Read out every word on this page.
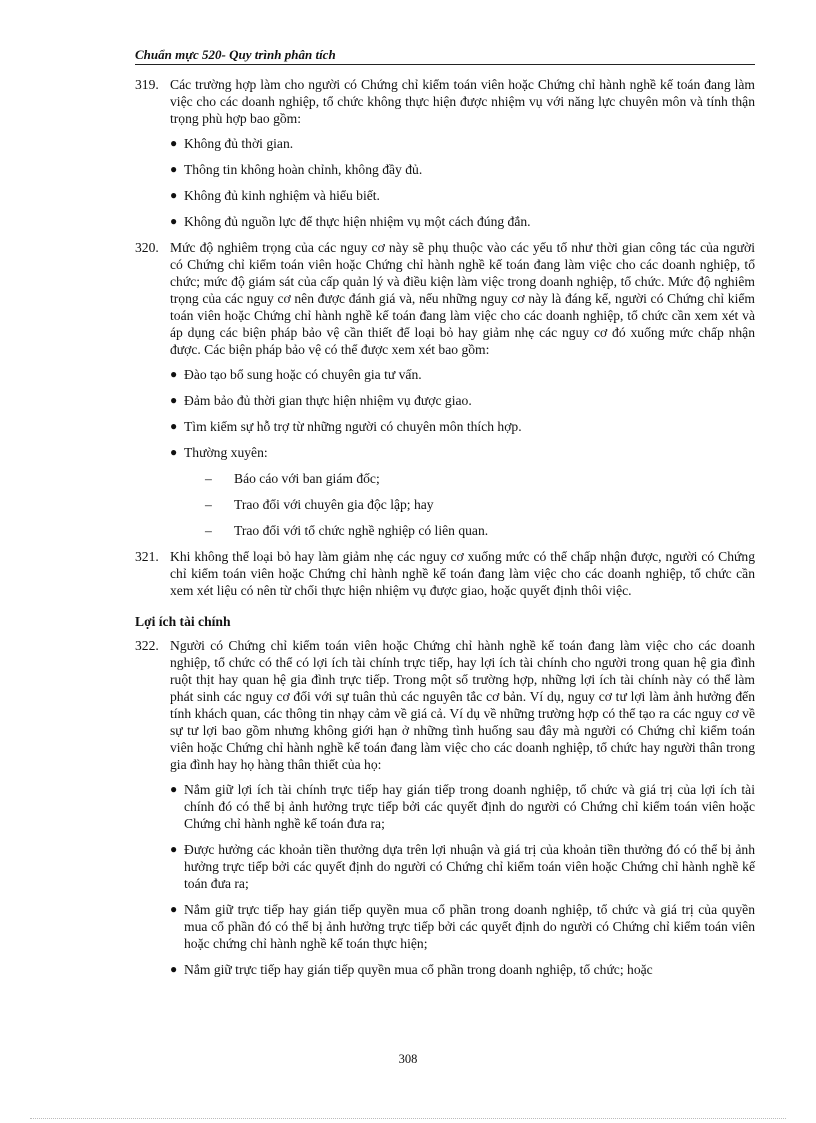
Chuẩn mực 520- Quy trình phân tích
319. Các trường hợp làm cho người có Chứng chỉ kiểm toán viên hoặc Chứng chỉ hành nghề kế toán đang làm việc cho các doanh nghiệp, tổ chức không thực hiện được nhiệm vụ với năng lực chuyên môn và tính thận trọng phù hợp bao gồm:
● Không đủ thời gian.
● Thông tin không hoàn chỉnh, không đầy đủ.
● Không đủ kinh nghiệm và hiểu biết.
● Không đủ nguồn lực để thực hiện nhiệm vụ một cách đúng đắn.
320. Mức độ nghiêm trọng của các nguy cơ này sẽ phụ thuộc vào các yếu tố như thời gian công tác của người có Chứng chỉ kiểm toán viên hoặc Chứng chỉ hành nghề kế toán đang làm việc cho các doanh nghiệp, tổ chức; mức độ giám sát của cấp quản lý và điều kiện làm việc trong doanh nghiệp, tổ chức. Mức độ nghiêm trọng của các nguy cơ nên được đánh giá và, nếu những nguy cơ này là đáng kể, người có Chứng chỉ kiểm toán viên hoặc Chứng chỉ hành nghề kế toán đang làm việc cho các doanh nghiệp, tổ chức cần xem xét và áp dụng các biện pháp bảo vệ cần thiết để loại bỏ hay giảm nhẹ các nguy cơ đó xuống mức chấp nhận được. Các biện pháp bảo vệ có thể được xem xét bao gồm:
● Đào tạo bổ sung hoặc có chuyên gia tư vấn.
● Đảm bảo đủ thời gian thực hiện nhiệm vụ được giao.
● Tìm kiếm sự hỗ trợ từ những người có chuyên môn thích hợp.
● Thường xuyên:
–	Báo cáo với ban giám đốc;
–	Trao đổi với chuyên gia độc lập; hay
–	Trao đổi với tổ chức nghề nghiệp có liên quan.
321. Khi không thể loại bỏ hay làm giảm nhẹ các nguy cơ xuống mức có thể chấp nhận được, người có Chứng chỉ kiểm toán viên hoặc Chứng chỉ hành nghề kế toán đang làm việc cho các doanh nghiệp, tổ chức cần xem xét liệu có nên từ chối thực hiện nhiệm vụ được giao, hoặc quyết định thôi việc.
Lợi ích tài chính
322. Người có Chứng chỉ kiểm toán viên hoặc Chứng chỉ hành nghề kế toán đang làm việc cho các doanh nghiệp, tổ chức có thể có lợi ích tài chính trực tiếp, hay lợi ích tài chính cho người trong quan hệ gia đình ruột thịt hay quan hệ gia đình trực tiếp. Trong một số trường hợp, những lợi ích tài chính này có thể làm phát sinh các nguy cơ đối với sự tuân thủ các nguyên tắc cơ bản. Ví dụ, nguy cơ tư lợi làm ảnh hưởng đến tính khách quan, các thông tin nhạy cảm về giá cả. Ví dụ về những trường hợp có thể tạo ra các nguy cơ về sự tư lợi bao gồm nhưng không giới hạn ở những tình huống sau đây mà người có Chứng chỉ kiểm toán viên hoặc Chứng chỉ hành nghề kế toán đang làm việc cho các doanh nghiệp, tổ chức hay người thân trong gia đình hay họ hàng thân thiết của họ:
● Nắm giữ lợi ích tài chính trực tiếp hay gián tiếp trong doanh nghiệp, tổ chức và giá trị của lợi ích tài chính đó có thể bị ảnh hưởng trực tiếp bởi các quyết định do người có Chứng chỉ kiểm toán viên hoặc Chứng chỉ hành nghề kế toán đưa ra;
● Được hưởng các khoản tiền thưởng dựa trên lợi nhuận và giá trị của khoản tiền thưởng đó có thể bị ảnh hưởng trực tiếp bởi các quyết định do người có Chứng chỉ kiểm toán viên hoặc Chứng chỉ hành nghề kế toán đưa ra;
● Nắm giữ trực tiếp hay gián tiếp quyền mua cổ phần trong doanh nghiệp, tổ chức và giá trị của quyền mua cổ phần đó có thể bị ảnh hưởng trực tiếp bởi các quyết định do người có Chứng chỉ kiểm toán viên hoặc chứng chỉ hành nghề kế toán thực hiện;
● Nắm giữ trực tiếp hay gián tiếp quyền mua cổ phần trong doanh nghiệp, tổ chức; hoặc
308
